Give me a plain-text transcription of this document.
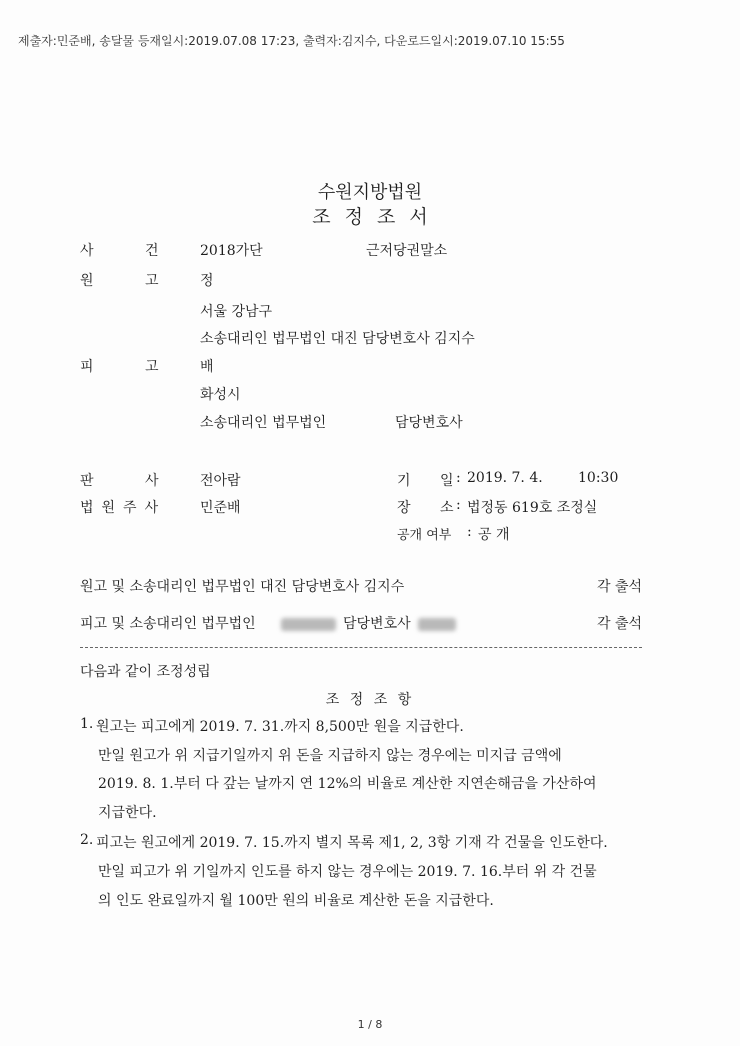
제출자:민준배, 송달물 등재일시:2019.07.08 17:23, 출력자:김지수, 다운로드일시:2019.07.10 15:55
수원지방법원
조정조서
사	건	2018가단	근저당권말소
원	고	정
서울 강남구
소송대리인 법무법인 대진 담당변호사 김지수
피	고	배
화성시
소송대리인 법무법인	담당변호사
판	사	전아람
법원주사 민준배
기 일 : 2019. 7. 4.	10:30
장 소 : 법정동 619호 조정실
공개 여부 : 공 개
원고 및 소송대리인 법무법인 대진 담당변호사 김지수	각 출석
피고 및 소송대리인 법무법인	담당변호사	각 출석
다음과 같이 조정성립
조 정 조 항
1. 원고는 피고에게 2019. 7. 31.까지 8,500만 원을 지급한다.
만일 원고가 위 지급기일까지 위 돈을 지급하지 않는 경우에는 미지급 금액에
2019. 8. 1.부터 다 갚는 날까지 연 12%의 비율로 계산한 지연손해금을 가산하여
지급한다.
2. 피고는 원고에게 2019. 7. 15.까지 별지 목록 제1, 2, 3항 기재 각 건물을 인도한다.
만일 피고가 위 기일까지 인도를 하지 않는 경우에는 2019. 7. 16.부터 위 각 건물
의 인도 완료일까지 월 100만 원의 비율로 계산한 돈을 지급한다.
1 / 8
